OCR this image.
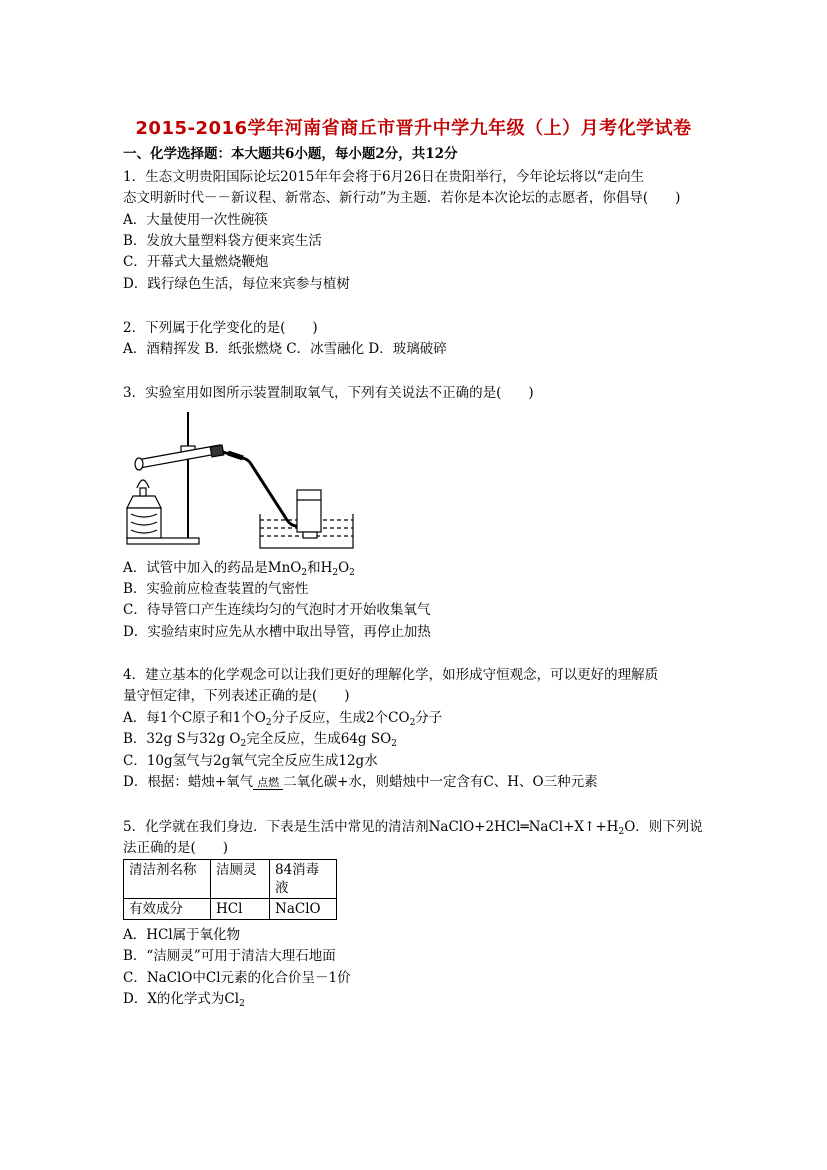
2015-2016学年河南省商丘市晋升中学九年级（上）月考化学试卷
一、化学选择题：本大题共6小题，每小题2分，共12分
1．生态文明贵阳国际论坛2015年年会将于6月26日在贵阳举行，今年论坛将以“走向生
态文明新时代－－新议程、新常态、新行动”为主题．若你是本次论坛的志愿者，你倡导(　　)
A．大量使用一次性碗筷
B．发放大量塑料袋方便来宾生活
C．开幕式大量燃烧鞭炮
D．践行绿色生活，每位来宾参与植树
2．下列属于化学变化的是(　　)
A．酒精挥发 B．纸张燃烧 C．冰雪融化 D．玻璃破碎
3．实验室用如图所示装置制取氧气，下列有关说法不正确的是(　　)
A．试管中加入的药品是MnO$_2$和$H_2O_2$
B．实验前应检查装置的气密性
C．待导管口产生连续均匀的气泡时才开始收集氧气
D．实验结束时应先从水槽中取出导管，再停止加热
4．建立基本的化学观念可以让我们更好的理解化学，如形成守恒观念，可以更好的理解质
量守恒定律，下列表述正确的是(　　)
A．每1个C原子和1个$O_2$分子反应，生成2个$CO_2$分子
B．32g S与32g $O_2$完全反应，生成64g $SO_2$
C．10g氢气与2g氧气完全反应生成12g水
D．根据：蜡烛+氧气 点燃 二氧化碳+水，则蜡烛中一定含有C、H、O三种元素
5．化学就在我们身边．下表是生活中常见的清洁剂$NaClO+2HCl═NaCl+X↑+H_2O$．则下列说
法正确的是(　　)
清洁剂名称	洁厕灵	84消毒液
有效成分	HCl	NaClO
A．HCl属于氧化物
B．“洁厕灵”可用于清洁大理石地面
C．NaClO中Cl元素的化合价呈－1价
D．X的化学式为$Cl_2$
